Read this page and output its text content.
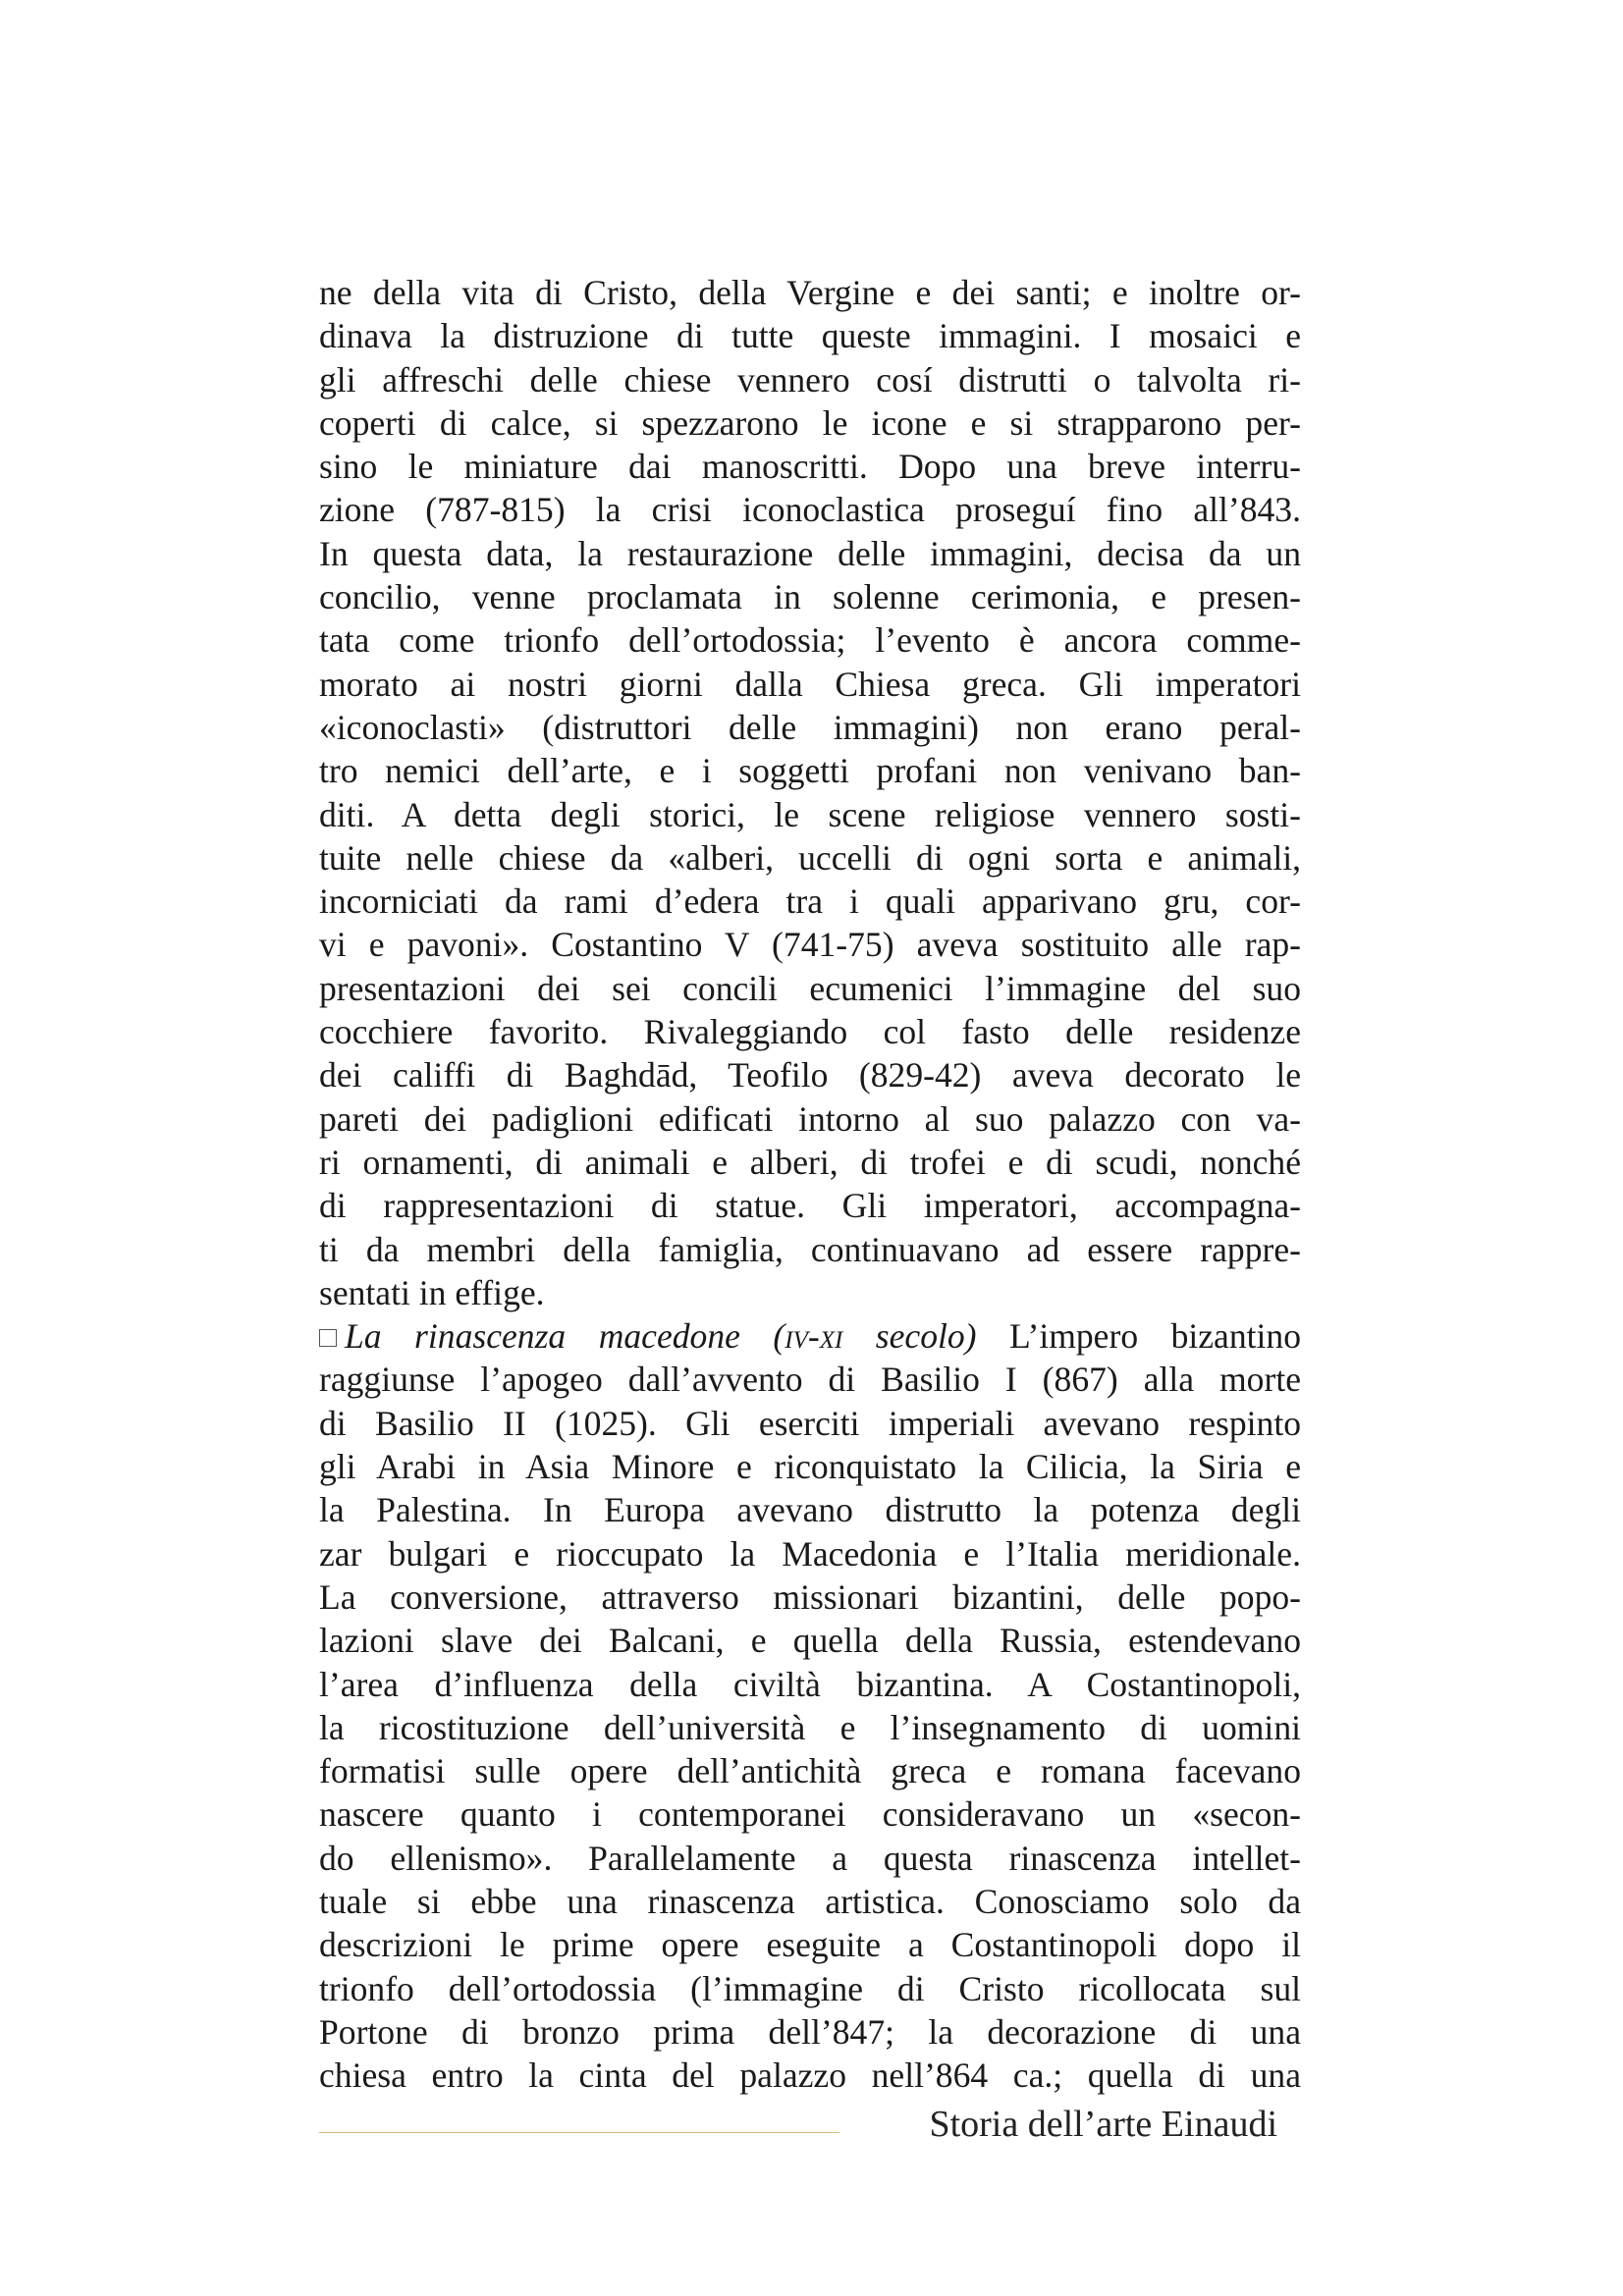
ne della vita di Cristo, della Vergine e dei santi; e inoltre or-
dinava la distruzione di tutte queste immagini. I mosaici e
gli affreschi delle chiese vennero cosí distrutti o talvolta ri-
coperti di calce, si spezzarono le icone e si strapparono per-
sino le miniature dai manoscritti. Dopo una breve interru-
zione (787-815) la crisi iconoclastica proseguí fino all’843.
In questa data, la restaurazione delle immagini, decisa da un
concilio, venne proclamata in solenne cerimonia, e presen-
tata come trionfo dell’ortodossia; l’evento è ancora comme-
morato ai nostri giorni dalla Chiesa greca. Gli imperatori
«iconoclasti» (distruttori delle immagini) non erano peral-
tro nemici dell’arte, e i soggetti profani non venivano ban-
diti. A detta degli storici, le scene religiose vennero sosti-
tuite nelle chiese da «alberi, uccelli di ogni sorta e animali,
incorniciati da rami d’edera tra i quali apparivano gru, cor-
vi e pavoni». Costantino V (741-75) aveva sostituito alle rap-
presentazioni dei sei concili ecumenici l’immagine del suo
cocchiere favorito. Rivaleggiando col fasto delle residenze
dei califfi di Baghdād, Teofilo (829-42) aveva decorato le
pareti dei padiglioni edificati intorno al suo palazzo con va-
ri ornamenti, di animali e alberi, di trofei e di scudi, nonché
di rappresentazioni di statue. Gli imperatori, accompagna-
ti da membri della famiglia, continuavano ad essere rappre-
sentati in effige.
La rinascenza macedone (iv-xi secolo) L’impero bizantino
raggiunse l’apogeo dall’avvento di Basilio I (867) alla morte
di Basilio II (1025). Gli eserciti imperiali avevano respinto
gli Arabi in Asia Minore e riconquistato la Cilicia, la Siria e
la Palestina. In Europa avevano distrutto la potenza degli
zar bulgari e rioccupato la Macedonia e l’Italia meridionale.
La conversione, attraverso missionari bizantini, delle popo-
lazioni slave dei Balcani, e quella della Russia, estendevano
l’area d’influenza della civiltà bizantina. A Costantinopoli,
la ricostituzione dell’università e l’insegnamento di uomini
formatisi sulle opere dell’antichità greca e romana facevano
nascere quanto i contemporanei consideravano un «secon-
do ellenismo». Parallelamente a questa rinascenza intellet-
tuale si ebbe una rinascenza artistica. Conosciamo solo da
descrizioni le prime opere eseguite a Costantinopoli dopo il
trionfo dell’ortodossia (l’immagine di Cristo ricollocata sul
Portone di bronzo prima dell’847; la decorazione di una
chiesa entro la cinta del palazzo nell’864 ca.; quella di una
Storia dell’arte Einaudi
